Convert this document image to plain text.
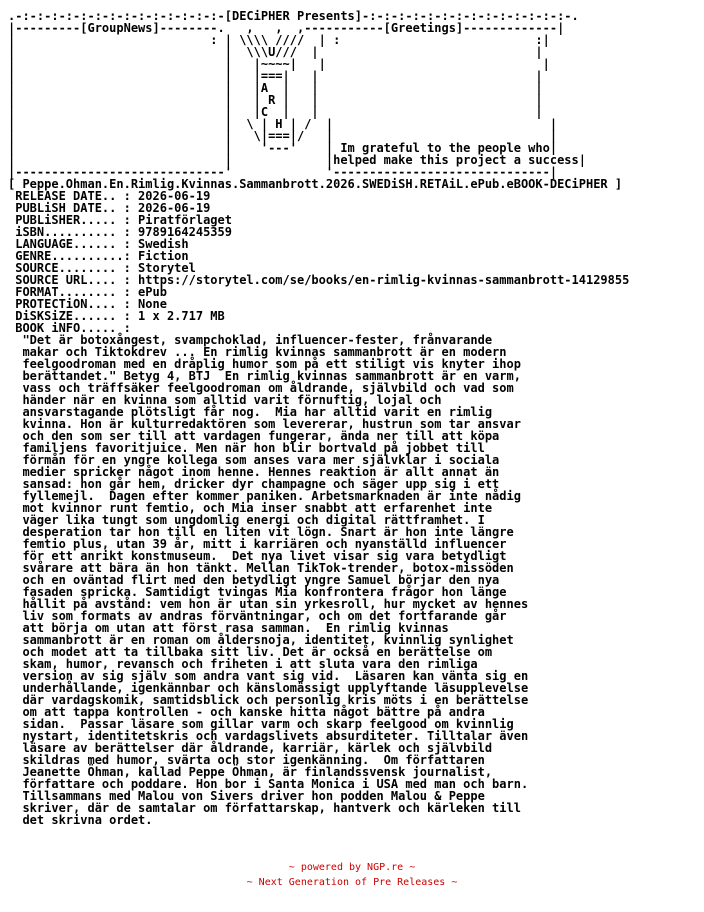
.-:-:-:-:-:-:-:-:-:-:-:-:-:-:-[DECiPHER Presents]-:-:-:-:-:-:-:-:-:-:-:-:-:-:-.
|---------[GroupNews]--------.   ,   ,  ,-----------[Greetings]-------------|
|                           : | \\\\ ////  | :                           :|
|                             |  \\\U///  |                              |
|                             |   |~~~~|   |                              |
|                             |   |===|   |                              |
|                             |   |A  |   |                              |
|                             |   | R |   |                              |
|                             |   |C  |   |                              |
|                             |  \ | H | /  |                              |
|                             |   \|===|/   |                              |
|                             |    '---'    | Im grateful to the people who|
|                             |             |helped make this project a success|
|-----------------------------'             '------------------------------|
[ Peppe.Ohman.En.Rimlig.Kvinnas.Sammanbrott.2026.SWEDiSH.RETAiL.ePub.eBOOK-DECiPHER ]
RELEASE DATE.. : 2026-06-19
PUBLiSH DATE.. : 2026-06-19
PUBLiSHER..... : Piratförlaget
iSBN.......... : 9789164245359
LANGUAGE...... : Swedish
GENRE..........: Fiction
SOURCE........ : Storytel
SOURCE URL.... : https://storytel.com/se/books/en-rimlig-kvinnas-sammanbrott-14129855
FORMAT........ : ePub
PROTECTiON.... : None
DiSKSiZE...... : 1 x 2.717 MB
BOOK iNFO..... :
"Det är botoxångest, svampchoklad, influencer-fester, frånvarande
makar och Tiktokdrev ... En rimlig kvinnas sammanbrott är en modern
feelgoodroman med en dråplig humor som på ett stiligt vis knyter ihop
berättandet." Betyg 4, BTJ  En rimlig kvinnas sammanbrott är en varm,
vass och träffsäker feelgoodroman om åldrande, självbild och vad som
händer när en kvinna som alltid varit förnuftig, lojal och
ansvarstagande plötsligt får nog.  Mia har alltid varit en rimlig
kvinna. Hon är kulturredaktören som levererar, hustrun som tar ansvar
och den som ser till att vardagen fungerar, ända ner till att köpa
familjens favoritjuice. Men när hon blir bortvald på jobbet till
förmån för en yngre kollega som anses vara mer självklar i sociala
medier spricker något inom henne. Hennes reaktion är allt annat än
sansad: hon går hem, dricker dyr champagne och säger upp sig i ett
fyllemejl.  Dagen efter kommer paniken. Arbetsmarknaden är inte nådig
mot kvinnor runt femtio, och Mia inser snabbt att erfarenhet inte
väger lika tungt som ungdomlig energi och digital rättframhet. I
desperation tar hon till en liten vit lögn. Snart är hon inte längre
femtio plus, utan 39 år, mitt i karriären och nyanställd influencer
för ett anrikt konstmuseum.  Det nya livet visar sig vara betydligt
svårare att bära än hon tänkt. Mellan TikTok-trender, botox-missöden
och en oväntad flirt med den betydligt yngre Samuel börjar den nya
fasaden spricka. Samtidigt tvingas Mia konfrontera frågor hon länge
hållit på avstånd: vem hon är utan sin yrkesroll, hur mycket av hennes
liv som formats av andras förväntningar, och om det fortfarande går
att börja om utan att först rasa samman.  En rimlig kvinnas
sammanbrott är en roman om åldersnoja, identitet, kvinnlig synlighet
och modet att ta tillbaka sitt liv. Det är också en berättelse om
skam, humor, revansch och friheten i att sluta vara den rimliga
version av sig själv som andra vant sig vid.  Läsaren kan vänta sig en
underhållande, igenkännbar och känslomässigt upplyftande läsupplevelse
där vardagskomik, samtidsblick och personlig kris möts i en berättelse
om att tappa kontrollen - och kanske hitta något bättre på andra
sidan.  Passar läsare som gillar varm och skarp feelgood om kvinnlig
nystart, identitetskris och vardagslivets absurditeter. Tilltalar även
läsare av berättelser där åldrande, karriär, kärlek och självbild
skildras med humor, svärta och stor igenkänning.  Om författaren
Jeanette Öhman, kallad Peppe Öhman, är finlandssvensk journalist,
författare och poddare. Hon bor i Santa Monica i USA med man och barn.
Tillsammans med Malou von Sivers driver hon podden Malou & Peppe
skriver, där de samtalar om författarskap, hantverk och kärleken till
det skrivna ordet.
~ powered by NGP.re ~
~ Next Generation of Pre Releases ~
